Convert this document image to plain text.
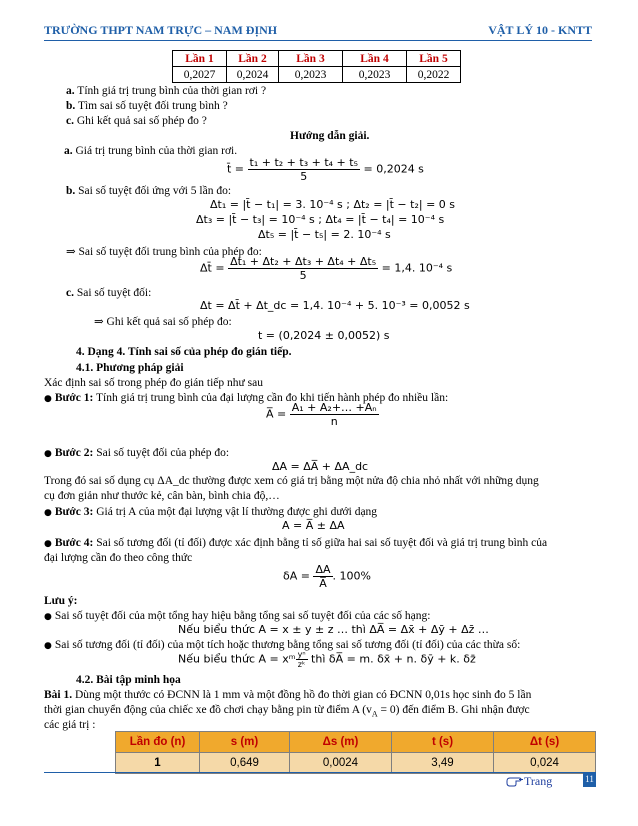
TRƯỜNG THPT NAM TRỰC – NAM ĐỊNH	VẬT LÝ 10 - KNTT
Lần 1	Lần 2	Lần 3	Lần 4	Lần 5
0,2027	0,2024	0,2023	0,2023	0,2022
a. Tính giá trị trung bình của thời gian rơi ?
b. Tìm sai số tuyệt đối trung bình ?
c. Ghi kết quả sai số phép đo ?
Hướng dẫn giải.
a. Giá trị trung bình của thời gian rơi.
t̄ = $\frac{\text{t₁ + t₂ + t₃ + t₄ + t₅}}{5} = 0,2024$ s
b. Sai số tuyệt đối ứng với 5 lần đo:
Δt₁ = |t̄ − t₁| = 3. 10⁻⁴ s ; Δt₂ = |t̄ − t₂| = 0 s
Δt₃ = |t̄ − t₃| = 10⁻⁴ s ; Δt₄ = |t̄ − t₄| = 10⁻⁴ s
Δt₅ = |t̄ − t₅| = 2. 10⁻⁴ s
⇒ Sai số tuyệt đối trung bình của phép đo:
Δt̄ = $\frac{\text{Δt₁ + Δt₂ + Δt₃ + Δt₄ + Δt₅}}{5} = 1,4$. 10⁻⁴ s
c. Sai số tuyệt đối:
Δt = Δt̄ + Δt_dc = 1,4. 10⁻⁴ + 5. 10⁻³ = 0,0052 s
⇒ Ghi kết quả sai số phép đo:
t = (0,2024 ± 0,0052) s
4. Dạng 4. Tính sai số của phép đo gián tiếp.
4.1. Phương pháp giải
Xác định sai số trong phép đo gián tiếp như sau
● Bước 1: Tính giá trị trung bình của đại lượng cần đo khi tiến hành phép đo nhiều lần:
A̅ = $\frac{\text{A₁ + A₂+… +Aₙ}}{n}$
● Bước 2: Sai số tuyệt đối của phép đo:
ΔA = ΔA̅ + ΔA_dc
Trong đó sai số dụng cụ ΔA_dc thường được xem có giá trị bằng một nửa độ chia nhỏ nhất với những dụng
cụ đơn giản như thước kẻ, cân bàn, bình chia độ,…
● Bước 3: Giá trị A của một đại lượng vật lí thường được ghi dưới dạng
A = A̅ ± ΔA
● Bước 4: Sai số tương đối (tỉ đối) được xác định bằng tỉ số giữa hai sai số tuyệt đối và giá trị trung bình của
đại lượng cần đo theo công thức
$\delta A = \frac{\Delta A}{A̅}$ . 100%
Lưu ý:
● Sai số tuyệt đối của một tổng hay hiệu bằng tổng sai số tuyệt đối của các số hạng:
Nếu biểu thức A = x ± y ± z … thì ΔA̅ = Δx̄ + Δȳ + Δz̄ …
● Sai số tương đối (tỉ đối) của một tích hoặc thương bằng tổng sai số tương đối (tỉ đối) của các thừa số:
Nếu biểu thức A = xᵐ $\frac{\text{yⁿ}}{\text{zᵏ}}$ thì δA̅ = m. δx̄ + n. δȳ + k. δz̄
4.2. Bài tập minh họa
Bài 1. Dùng một thước có ĐCNN là 1 mm và một đồng hồ đo thời gian có ĐCNN 0,01s học sinh đo 5 lần
thời gian chuyển động của chiếc xe đồ chơi chạy bằng pin từ điểm A $(v_A = 0)$ đến điểm B. Ghi nhận được
các giá trị :
Lần đo (n)	s (m)	Δs (m)	t (s)	Δt (s)
1	0,649	0,0024	3,49	0,024
Trang	11
